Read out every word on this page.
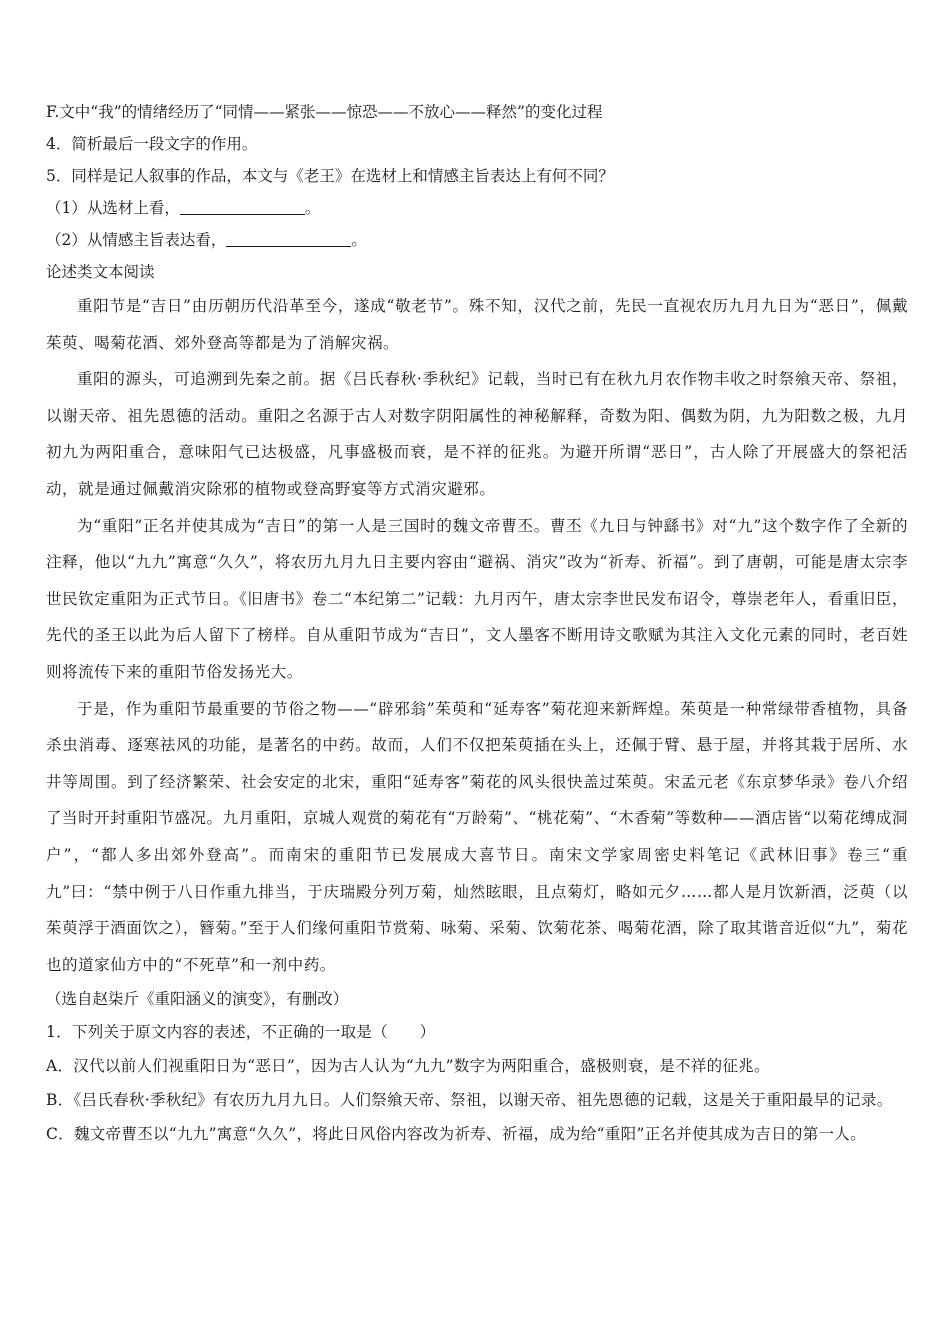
F.文中“我”的情绪经历了“同情——紧张——惊恐——不放心——释然”的变化过程

4．简析最后一段文字的作用。

5．同样是记人叙事的作品，本文与《老王》在选材上和情感主旨表达上有何不同？

（1）从选材上看，	。

（2）从情感主旨表达看，	。

论述类文本阅读

重阳节是“吉日”由历朝历代沿革至今，遂成“敬老节”。殊不知，汉代之前，先民一直视农历九月九日为“恶日”，佩戴茱萸、喝菊花酒、郊外登高等都是为了消解灾祸。

重阳的源头，可追溯到先秦之前。据《吕氏春秋·季秋纪》记载，当时已有在秋九月农作物丰收之时祭飨天帝、祭祖，以谢天帝、祖先恩德的活动。重阳之名源于古人对数字阴阳属性的神秘解释，奇数为阳、偶数为阴，九为阳数之极，九月初九为两阳重合，意味阳气已达极盛，凡事盛极而衰，是不祥的征兆。为避开所谓“恶日”，古人除了开展盛大的祭祀活动，就是通过佩戴消灾除邪的植物或登高野宴等方式消灾避邪。

为“重阳”正名并使其成为“吉日”的第一人是三国时的魏文帝曹丕。曹丕《九日与钟繇书》对“九”这个数字作了全新的注释，他以“九九”寓意“久久”，将农历九月九日主要内容由“避祸、消灾”改为“祈寿、祈福”。到了唐朝，可能是唐太宗李世民钦定重阳为正式节日。《旧唐书》卷二“本纪第二”记载：九月丙午，唐太宗李世民发布诏令，尊崇老年人，看重旧臣，先代的圣王以此为后人留下了榜样。自从重阳节成为“吉日”，文人墨客不断用诗文歌赋为其注入文化元素的同时，老百姓则将流传下来的重阳节俗发扬光大。

于是，作为重阳节最重要的节俗之物——“辟邪翁”茱萸和“延寿客”菊花迎来新辉煌。茱萸是一种常绿带香植物，具备杀虫消毒、逐寒祛风的功能，是著名的中药。故而，人们不仅把茱萸插在头上，还佩于臂、悬于屋，并将其栽于居所、水井等周围。到了经济繁荣、社会安定的北宋，重阳“延寿客”菊花的风头很快盖过茱萸。宋孟元老《东京梦华录》卷八介绍了当时开封重阳节盛况。九月重阳，京城人观赏的菊花有“万龄菊”、“桃花菊”、“木香菊”等数种——酒店皆“以菊花缚成洞户”，“都人多出郊外登高”。而南宋的重阳节已发展成大喜节日。南宋文学家周密史料笔记《武林旧事》卷三“重九”曰：“禁中例于八日作重九排当，于庆瑞殿分列万菊，灿然眩眼，且点菊灯，略如元夕……都人是月饮新酒，泛萸（以茱萸浮于酒面饮之），簪菊。”至于人们缘何重阳节赏菊、咏菊、采菊、饮菊花茶、喝菊花酒，除了取其谐音近似“九”，菊花也的道家仙方中的“不死草”和一剂中药。

（选自赵柒斤《重阳涵义的演变》，有删改）

1．下列关于原文内容的表述，不正确的一取是（　　）

A．汉代以前人们视重阳日为“恶日”，因为古人认为“九九”数字为两阳重合，盛极则衰，是不祥的征兆。

B．《吕氏春秋·季秋纪》有农历九月九日。人们祭飨天帝、祭祖，以谢天帝、祖先恩德的记载，这是关于重阳最早的记录。

C．魏文帝曹丕以“九九”寓意“久久”，将此日风俗内容改为祈寿、祈福，成为给“重阳”正名并使其成为吉日的第一人。
